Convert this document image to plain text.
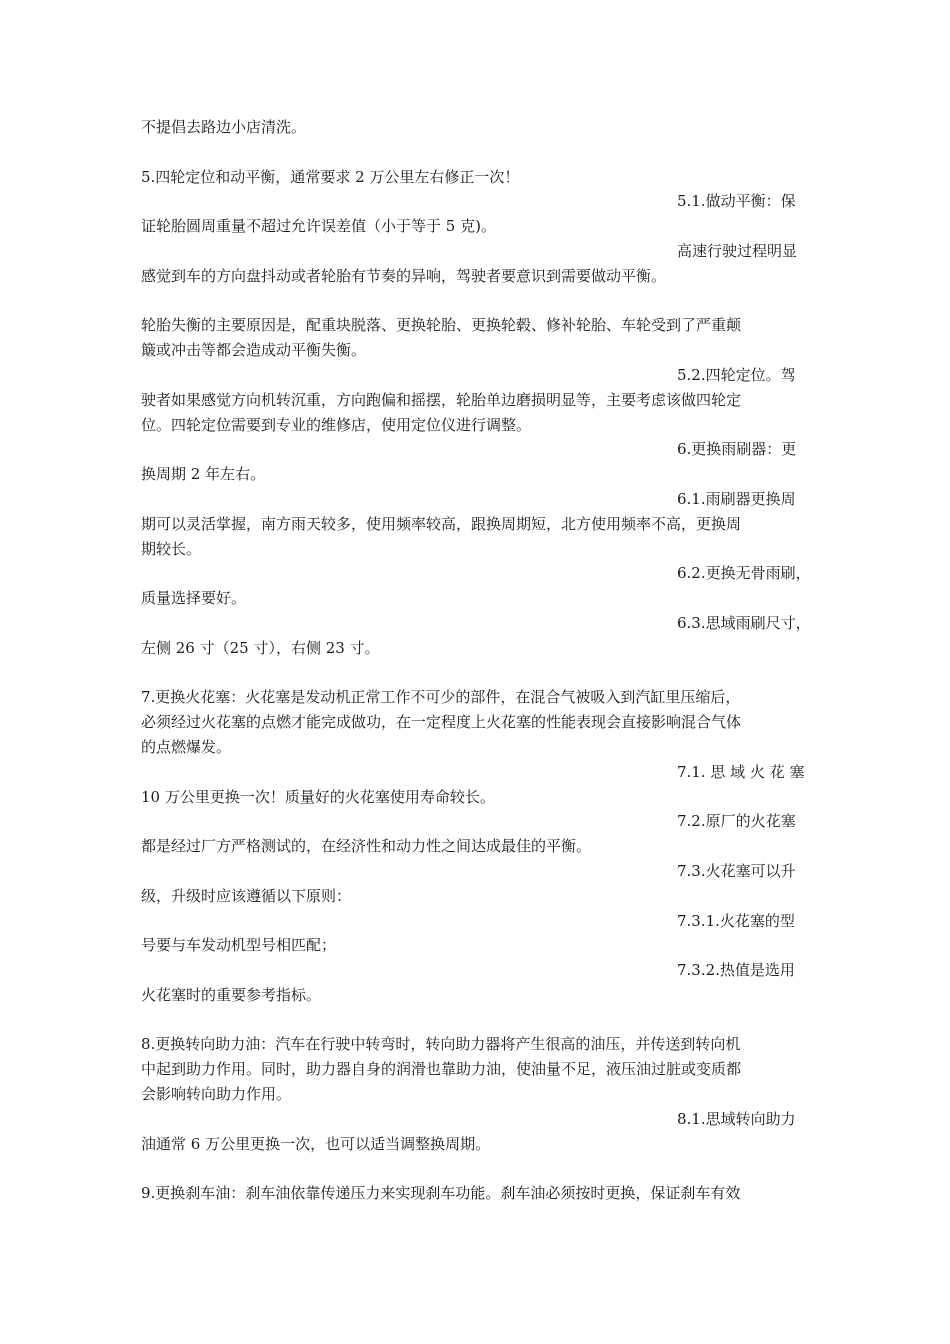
不提倡去路边小店清洗。
5.四轮定位和动平衡，通常要求 2 万公里左右修正一次！
5.1.做动平衡：保
证轮胎圆周重量不超过允许误差值（小于等于 5 克)。
高速行驶过程明显
感觉到车的方向盘抖动或者轮胎有节奏的异响，驾驶者要意识到需要做动平衡。
轮胎失衡的主要原因是，配重块脱落、更换轮胎、更换轮毂、修补轮胎、车轮受到了严重颠
簸或冲击等都会造成动平衡失衡。
5.2.四轮定位。驾
驶者如果感觉方向机转沉重，方向跑偏和摇摆，轮胎单边磨损明显等，主要考虑该做四轮定
位。四轮定位需要到专业的维修店，使用定位仪进行调整。
6.更换雨刷器：更
换周期 2 年左右。
6.1.雨刷器更换周
期可以灵活掌握，南方雨天较多，使用频率较高，跟换周期短，北方使用频率不高，更换周
期较长。
6.2.更换无骨雨刷，
质量选择要好。
6.3.思域雨刷尺寸，
左侧 26 寸（25 寸），右侧 23 寸。
7.更换火花塞：火花塞是发动机正常工作不可少的部件，在混合气被吸入到汽缸里压缩后，
必须经过火花塞的点燃才能完成做功，在一定程度上火花塞的性能表现会直接影响混合气体
的点燃爆发。
7.1. 思 域 火 花 塞
10 万公里更换一次！质量好的火花塞使用寿命较长。
7.2.原厂的火花塞
都是经过厂方严格测试的，在经济性和动力性之间达成最佳的平衡。
7.3.火花塞可以升
级，升级时应该遵循以下原则：
7.3.1.火花塞的型
号要与车发动机型号相匹配；
7.3.2.热值是选用
火花塞时的重要参考指标。
8.更换转向助力油：汽车在行驶中转弯时，转向助力器将产生很高的油压，并传送到转向机
中起到助力作用。同时，助力器自身的润滑也靠助力油，使油量不足，液压油过脏或变质都
会影响转向助力作用。
8.1.思域转向助力
油通常 6 万公里更换一次，也可以适当调整换周期。
9.更换刹车油：刹车油依靠传递压力来实现刹车功能。刹车油必须按时更换，保证刹车有效
